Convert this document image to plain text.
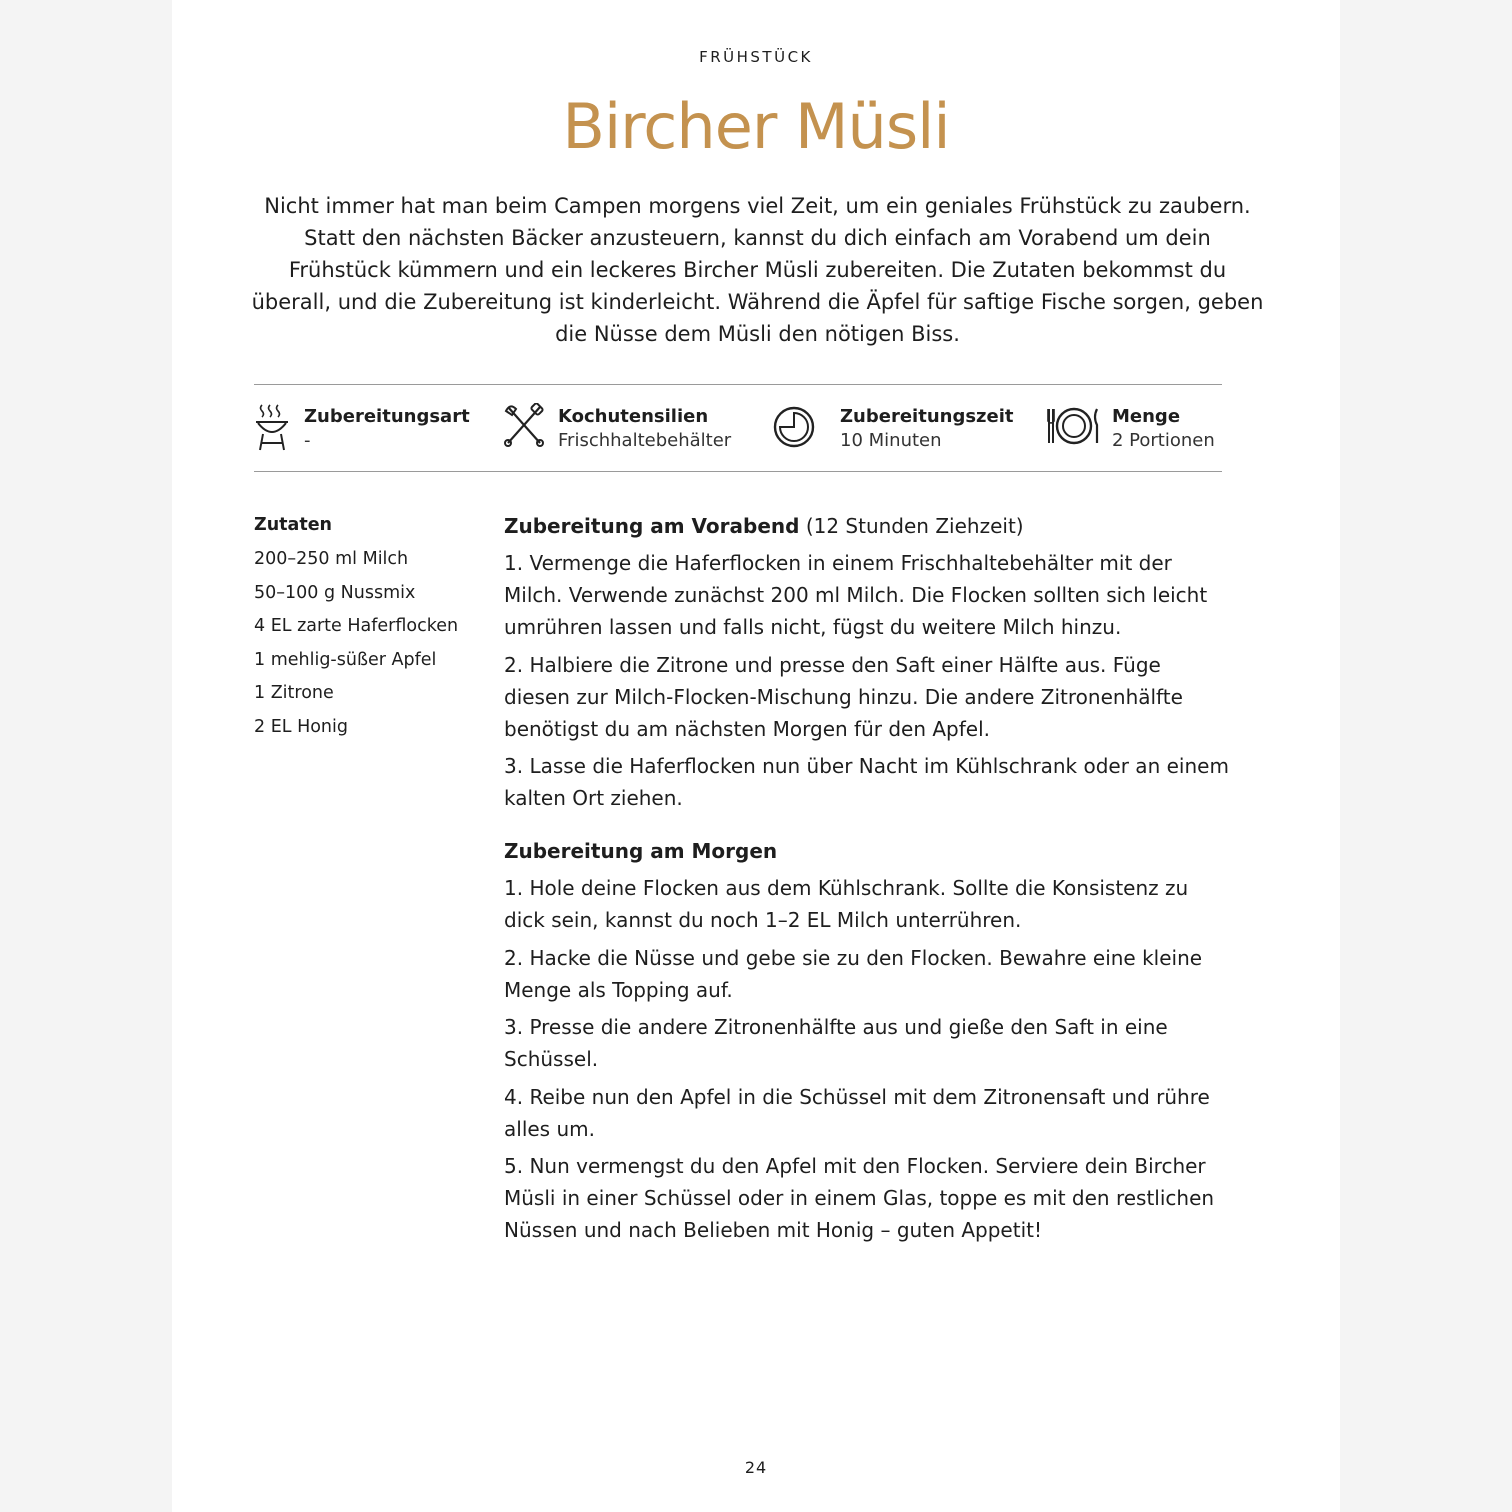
FRÜHSTÜCK
Bircher Müsli

Nicht immer hat man beim Campen morgens viel Zeit, um ein geniales Frühstück zu zaubern. Statt den nächsten Bäcker anzusteuern, kannst du dich einfach am Vorabend um dein Frühstück kümmern und ein leckeres Bircher Müsli zubereiten. Die Zutaten bekommst du überall, und die Zubereitung ist kinderleicht. Während die Äpfel für saftige Fische sorgen, geben die Nüsse dem Müsli den nötigen Biss.

Zubereitungsart
-
Kochutensilien
Frischhaltebehälter
Zubereitungszeit
10 Minuten
Menge
2 Portionen
Zutaten
200–250 ml Milch
50–100 g Nussmix
4 EL zarte Haferflocken
1 mehlig-süßer Apfel
1 Zitrone
2 EL Honig
Zubereitung am Vorabend (12 Stunden Ziehzeit)

1. Vermenge die Haferflocken in einem Frischhaltebehälter mit der Milch. Verwende zunächst 200 ml Milch. Die Flocken sollten sich leicht umrühren lassen und falls nicht, fügst du weitere Milch hinzu.

2. Halbiere die Zitrone und presse den Saft einer Hälfte aus. Füge diesen zur Milch-Flocken-Mischung hinzu. Die andere Zitronenhälfte benötigst du am nächsten Morgen für den Apfel.

3. Lasse die Haferflocken nun über Nacht im Kühlschrank oder an einem kalten Ort ziehen.

Zubereitung am Morgen

1. Hole deine Flocken aus dem Kühlschrank. Sollte die Konsistenz zu dick sein, kannst du noch 1–2 EL Milch unterrühren.

2. Hacke die Nüsse und gebe sie zu den Flocken. Bewahre eine kleine Menge als Topping auf.

3. Presse die andere Zitronenhälfte aus und gieße den Saft in eine Schüssel.

4. Reibe nun den Apfel in die Schüssel mit dem Zitronensaft und rühre alles um.

5. Nun vermengst du den Apfel mit den Flocken. Serviere dein Bircher Müsli in einer Schüssel oder in einem Glas, toppe es mit den restlichen Nüssen und nach Belieben mit Honig – guten Appetit!

24
